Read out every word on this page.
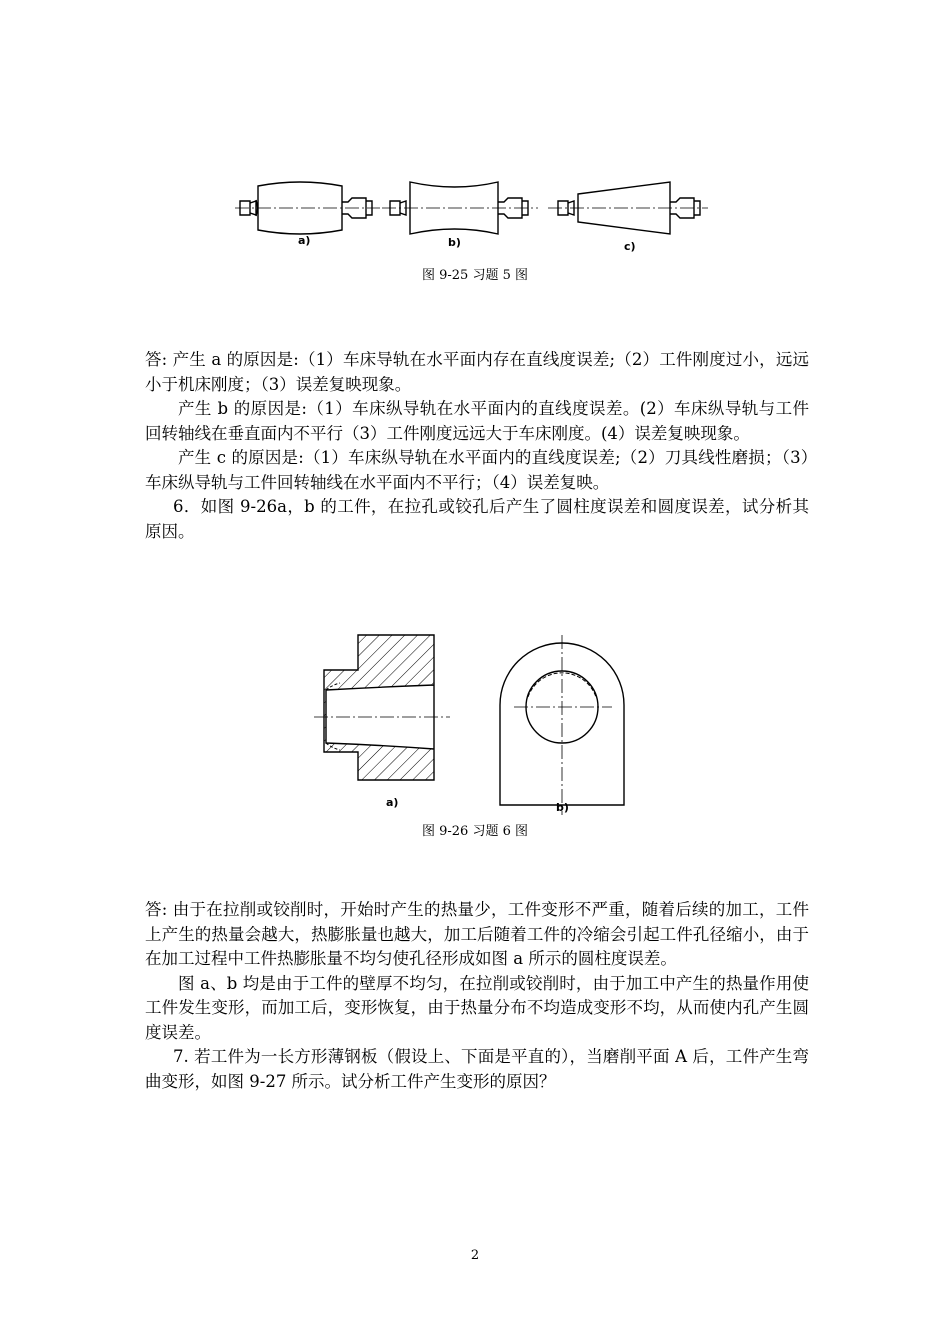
a)	b)	c)
图 9-25 习题 5 图

答: 产生 a 的原因是:（1）车床导轨在水平面内存在直线度误差;（2）工件刚度过小，远远小于机床刚度；（3）误差复映现象。

产生 b 的原因是:（1）车床纵导轨在水平面内的直线度误差。(2）车床纵导轨与工件回转轴线在垂直面内不平行（3）工件刚度远远大于车床刚度。(4）误差复映现象。

产生 c 的原因是:（1）车床纵导轨在水平面内的直线度误差;（2）刀具线性磨损；（3）车床纵导轨与工件回转轴线在水平面内不平行；（4）误差复映。

6．如图 9-26a，b 的工件，在拉孔或铰孔后产生了圆柱度误差和圆度误差，试分析其原因。

a)	b)
图 9-26 习题 6 图

答: 由于在拉削或铰削时，开始时产生的热量少，工件变形不严重，随着后续的加工，工件上产生的热量会越大，热膨胀量也越大，加工后随着工件的冷缩会引起工件孔径缩小，由于在加工过程中工件热膨胀量不均匀使孔径形成如图 a 所示的圆柱度误差。

图 a、b 均是由于工件的壁厚不均匀，在拉削或铰削时，由于加工中产生的热量作用使工件发生变形，而加工后，变形恢复，由于热量分布不均造成变形不均，从而使内孔产生圆度误差。

7. 若工件为一长方形薄钢板（假设上、下面是平直的），当磨削平面 A 后，工件产生弯曲变形，如图 9-27 所示。试分析工件产生变形的原因？

2
